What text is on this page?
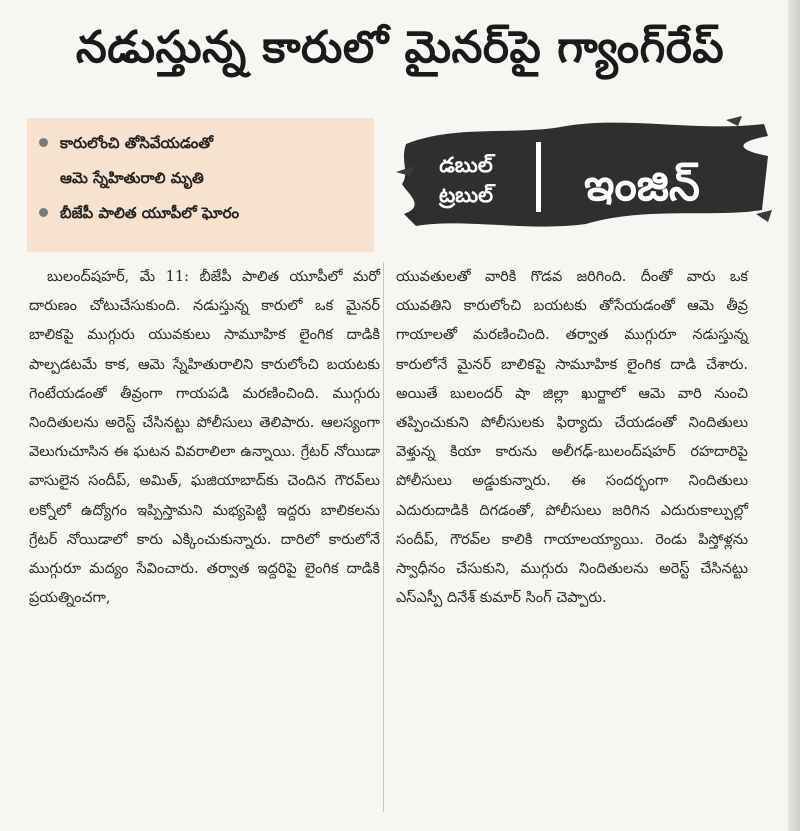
నడుస్తున్న కారులో మైనర్‌పై గ్యాంగ్‌రేప్
కారులోంచి తోసివేయడంతో
ఆమె స్నేహితురాలి మృతి
బీజేపీ పాలిత యూపీలో ఘోరం
డబుల్
ట్రబుల్ ఇంజిన్

బులంద్‌షహర్‌, మే 11: బీజేపీ పాలిత యూపీలో మరో దారుణం చోటుచేసుకుంది. నడుస్తున్న కారులో ఒక మైనర్‌ బాలికపై ముగ్గురు యువకులు సామూహిక లైంగిక దాడికి పాల్పడటమే కాక, ఆమె స్నేహితురాలిని కారులోంచి బయటకు గెంటేయడంతో తీవ్రంగా గాయపడి మరణించింది. ముగ్గురు నిందితులను అరెస్ట్‌ చేసినట్టు పోలీసులు తెలిపారు. ఆలస్యంగా వెలుగుచూసిన ఈ ఘటన వివరాలిలా ఉన్నాయి. గ్రేటర్‌ నోయిడా వాసులైన సందీప్‌, అమిత్‌, ఘజియాబాద్‌కు చెందిన గౌరవ్‌లు లక్నోలో ఉద్యోగం ఇప్పిస్తామని మభ్యపెట్టి ఇద్దరు బాలికలను గ్రేటర్‌ నోయిడాలో కారు ఎక్కించుకున్నారు. దారిలో కారులోనే ముగ్గురూ మద్యం సేవించారు. తర్వాత ఇద్దరిపై లైంగిక దాడికి ప్రయత్నించగా,

యువతులతో వారికి గొడవ జరిగింది. దీంతో వారు ఒక యువతిని కారులోంచి బయటకు తోసేయడంతో ఆమె తీవ్ర గాయాలతో మరణించింది. తర్వాత ముగ్గురూ నడుస్తున్న కారులోనే మైనర్‌ బాలికపై సామూహిక లైంగిక దాడి చేశారు. అయితే బులందర్‌ షా జిల్లా ఖుర్జాలో ఆమె వారి నుంచి తప్పించుకుని పోలీసులకు ఫిర్యాదు చేయడంతో నిందితులు వెళ్తున్న కియా కారును అలీగఢ్‌-బులంద్‌షహర్‌ రహదారిపై పోలీసులు అడ్డుకున్నారు. ఈ సందర్భంగా నిందితులు ఎదురుదాడికి దిగడంతో, పోలీసులు జరిగిన ఎదురుకాల్పుల్లో సందీప్‌, గౌరవ్‌ల కాలికి గాయాలయ్యాయి. రెండు పిస్తోళ్లను స్వాధీనం చేసుకుని, ముగ్గురు నిందితులను అరెస్ట్‌ చేసినట్టు ఎస్‌ఎస్పీ దినేశ్‌ కుమార్‌ సింగ్‌ చెప్పారు.
